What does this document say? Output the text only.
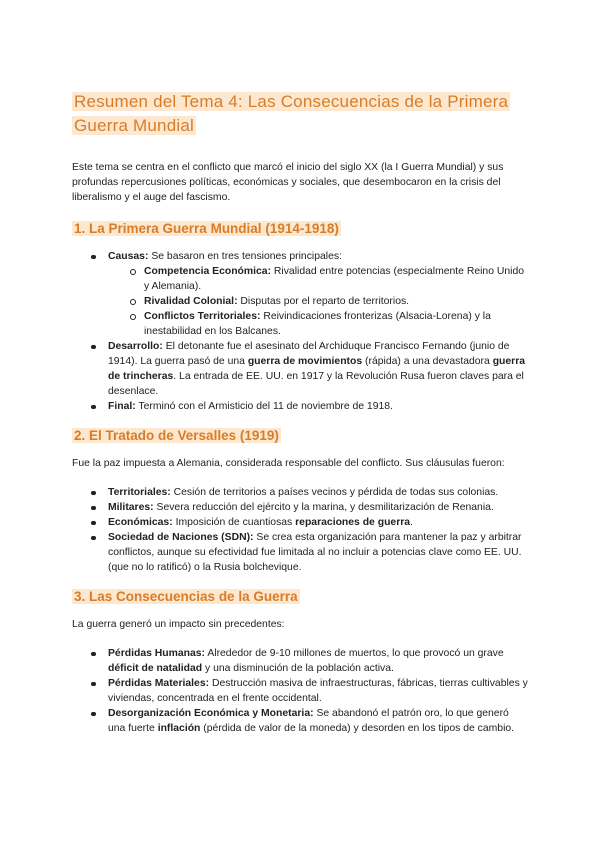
Resumen del Tema 4: Las Consecuencias de la Primera Guerra Mundial

Este tema se centra en el conflicto que marcó el inicio del siglo XX (la I Guerra Mundial) y sus profundas repercusiones políticas, económicas y sociales, que desembocaron en la crisis del liberalismo y el auge del fascismo.

1. La Primera Guerra Mundial (1914-1918)
Causas: Se basaron en tres tensiones principales:
Competencia Económica: Rivalidad entre potencias (especialmente Reino Unido y Alemania).
Rivalidad Colonial: Disputas por el reparto de territorios.
Conflictos Territoriales: Reivindicaciones fronterizas (Alsacia-Lorena) y la inestabilidad en los Balcanes.
Desarrollo: El detonante fue el asesinato del Archiduque Francisco Fernando (junio de 1914). La guerra pasó de una guerra de movimientos (rápida) a una devastadora guerra de trincheras. La entrada de EE. UU. en 1917 y la Revolución Rusa fueron claves para el desenlace.
Final: Terminó con el Armisticio del 11 de noviembre de 1918.
2. El Tratado de Versalles (1919)

Fue la paz impuesta a Alemania, considerada responsable del conflicto. Sus cláusulas fueron:

Territoriales: Cesión de territorios a países vecinos y pérdida de todas sus colonias.
Militares: Severa reducción del ejército y la marina, y desmilitarización de Renania.
Económicas: Imposición de cuantiosas reparaciones de guerra.
Sociedad de Naciones (SDN): Se crea esta organización para mantener la paz y arbitrar conflictos, aunque su efectividad fue limitada al no incluir a potencias clave como EE. UU. (que no lo ratificó) o la Rusia bolchevique.
3. Las Consecuencias de la Guerra

La guerra generó un impacto sin precedentes:

Pérdidas Humanas: Alrededor de 9-10 millones de muertos, lo que provocó un grave déficit de natalidad y una disminución de la población activa.
Pérdidas Materiales: Destrucción masiva de infraestructuras, fábricas, tierras cultivables y viviendas, concentrada en el frente occidental.
Desorganización Económica y Monetaria: Se abandonó el patrón oro, lo que generó una fuerte inflación (pérdida de valor de la moneda) y desorden en los tipos de cambio.
